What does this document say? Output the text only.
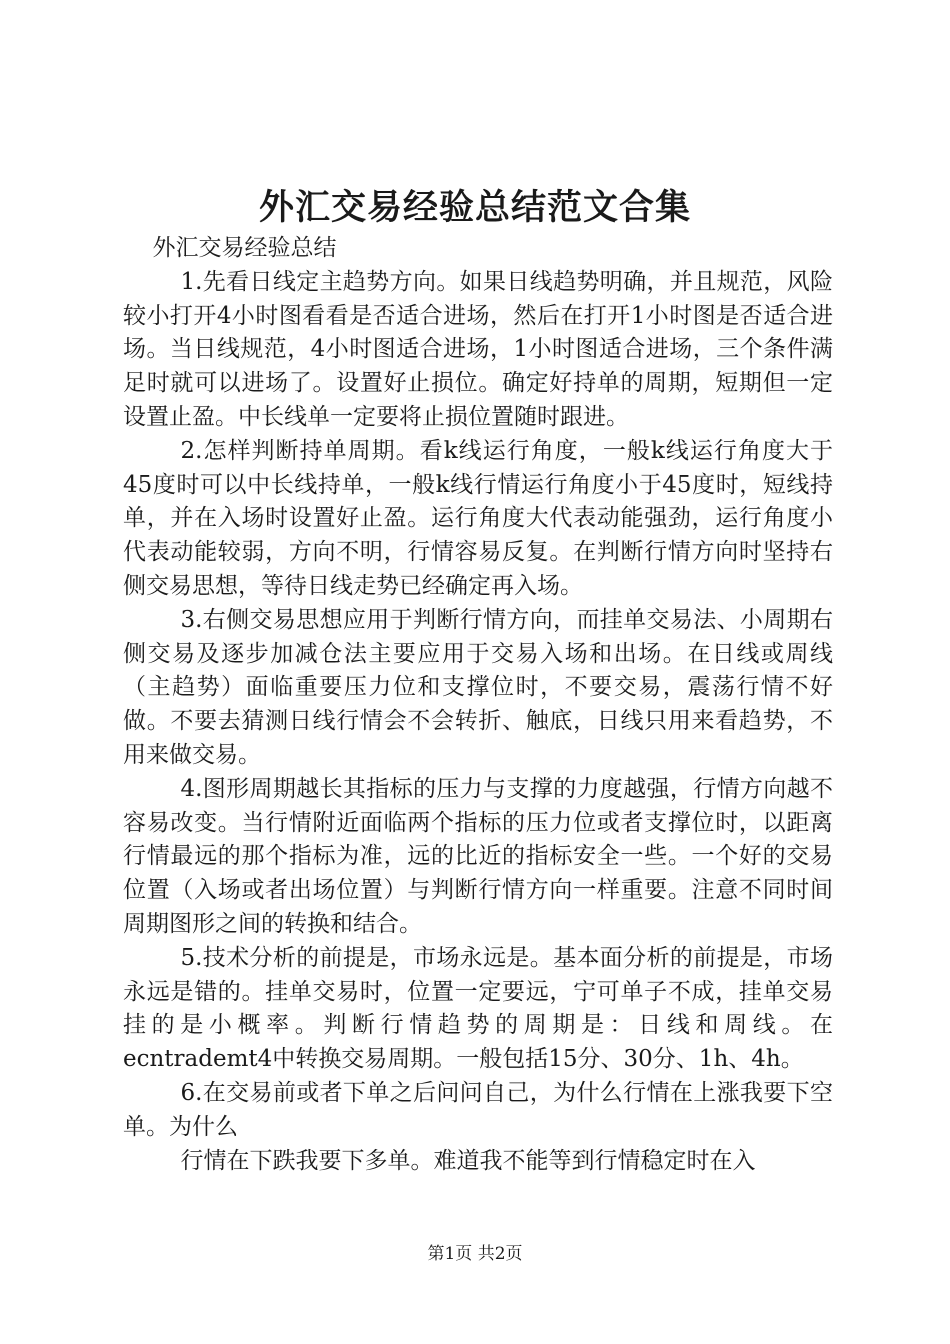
外汇交易经验总结范文合集

外汇交易经验总结

1.先看日线定主趋势方向。如果日线趋势明确，并且规范，风险较小打开4小时图看看是否适合进场，然后在打开1小时图是否适合进场。当日线规范，4小时图适合进场，1小时图适合进场，三个条件满足时就可以进场了。设置好止损位。确定好持单的周期，短期但一定设置止盈。中长线单一定要将止损位置随时跟进。

2.怎样判断持单周期。看k线运行角度，一般k线运行角度大于45度时可以中长线持单，一般k线行情运行角度小于45度时，短线持单，并在入场时设置好止盈。运行角度大代表动能强劲，运行角度小代表动能较弱，方向不明，行情容易反复。在判断行情方向时坚持右侧交易思想，等待日线走势已经确定再入场。

3.右侧交易思想应用于判断行情方向，而挂单交易法、小周期右侧交易及逐步加减仓法主要应用于交易入场和出场。在日线或周线（主趋势）面临重要压力位和支撑位时，不要交易，震荡行情不好做。不要去猜测日线行情会不会转折、触底，日线只用来看趋势，不用来做交易。

4.图形周期越长其指标的压力与支撑的力度越强，行情方向越不容易改变。当行情附近面临两个指标的压力位或者支撑位时，以距离行情最远的那个指标为准，远的比近的指标安全一些。一个好的交易位置（入场或者出场位置）与判断行情方向一样重要。注意不同时间周期图形之间的转换和结合。

5.技术分析的前提是，市场永远是。基本面分析的前提是，市场永远是错的。挂单交易时，位置一定要远，宁可单子不成，挂单交易挂的是小概率。判断行情趋势的周期是：日线和周线。在ecntrademt4中转换交易周期。一般包括15分、30分、1h、4h。

6.在交易前或者下单之后问问自己，为什么行情在上涨我要下空单。为什么

行情在下跌我要下多单。难道我不能等到行情稳定时在入

第1页 共2页
